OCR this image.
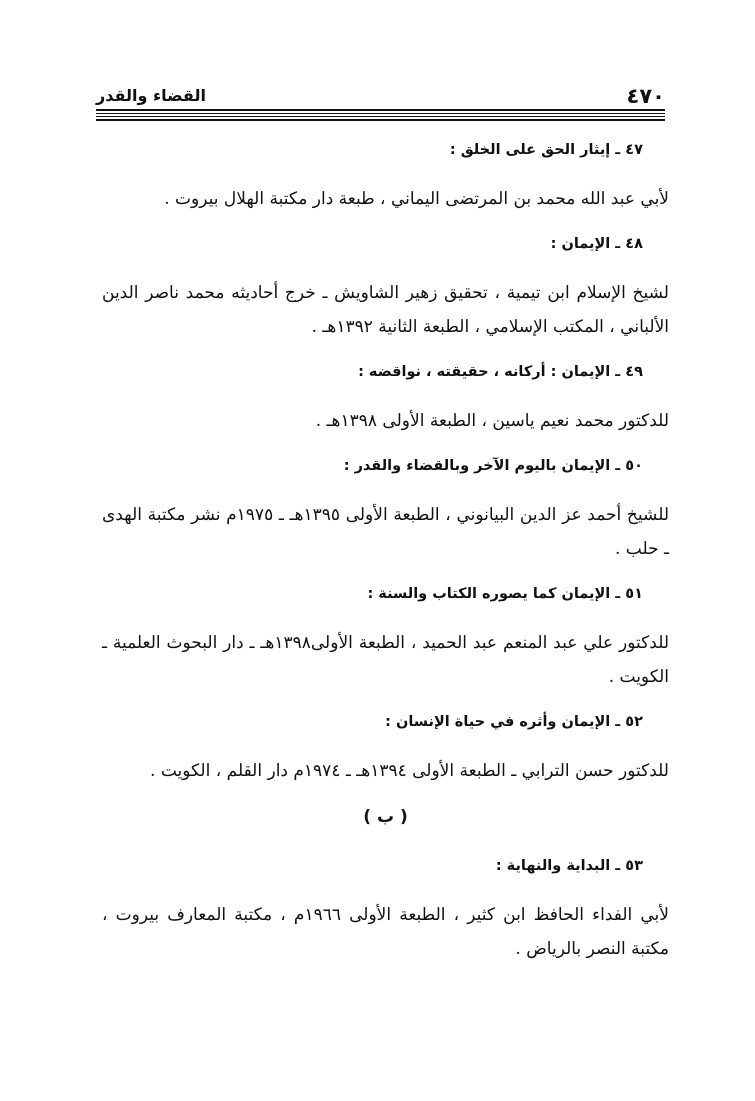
٤٧٠
القضاء والقدر
٤٧ ـ إيثار الحق على الخلق :
لأبي عبد الله محمد بن المرتضى اليماني ، طبعة دار مكتبة الهلال بيروت .
٤٨ ـ الإيمان :
لشيخ الإسلام ابن تيمية ، تحقيق زهير الشاويش ـ خرج أحاديثه محمد ناصر الدين الألباني ، المكتب الإسلامي ، الطبعة الثانية ١٣٩٢هـ .
٤٩ ـ الإيمان : أركانه ، حقيقته ، نواقضه :
للدكتور محمد نعيم ياسين ، الطبعة الأولى ١٣٩٨هـ .
٥٠ ـ الإيمان باليوم الآخر وبالقضاء والقدر :
للشيخ أحمد عز الدين البيانوني ، الطبعة الأولى ١٣٩٥هـ ـ ١٩٧٥م نشر مكتبة الهدى ـ حلب .
٥١ ـ الإيمان كما يصوره الكتاب والسنة :
للدكتور علي عبد المنعم عبد الحميد ، الطبعة الأولى١٣٩٨هـ ـ دار البحوث العلمية ـ الكويت .
٥٢ ـ الإيمان وأثره في حياة الإنسان :
للدكتور حسن الترابي ـ الطبعة الأولى ١٣٩٤هـ ـ ١٩٧٤م دار القلم ، الكويت .
( ب )
٥٣ ـ البداية والنهاية :
لأبي الفداء الحافظ ابن كثير ، الطبعة الأولى ١٩٦٦م ، مكتبة المعارف بيروت ، مكتبة النصر بالرياض .
